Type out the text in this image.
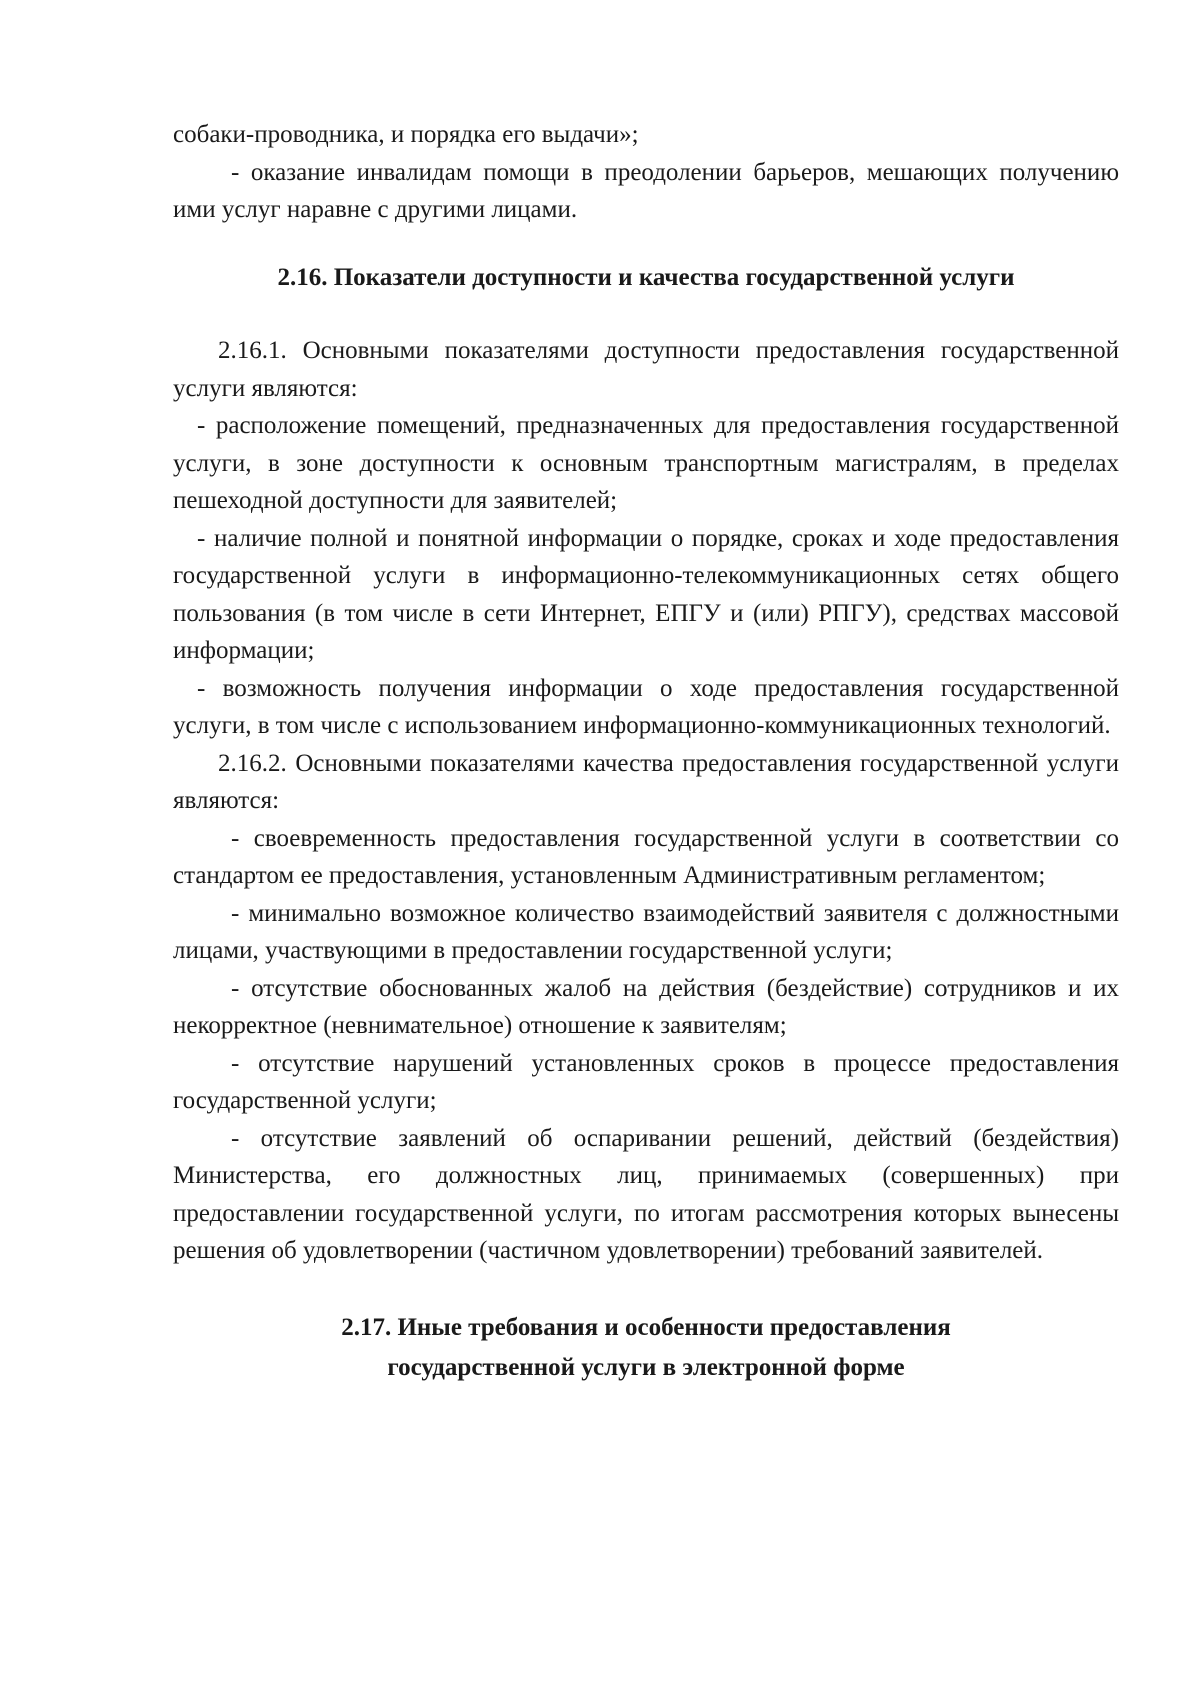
собаки-проводника, и порядка его выдачи»;

- оказание инвалидам помощи в преодолении барьеров, мешающих получению ими услуг наравне с другими лицами.

2.16. Показатели доступности и качества государственной услуги

2.16.1. Основными показателями доступности предоставления государственной услуги являются:

- расположение помещений, предназначенных для предоставления государственной услуги, в зоне доступности к основным транспортным магистралям, в пределах пешеходной доступности для заявителей;

- наличие полной и понятной информации о порядке, сроках и ходе предоставления государственной услуги в информационно-телекоммуникационных сетях общего пользования (в том числе в сети Интернет, ЕПГУ и (или) РПГУ), средствах массовой информации;

- возможность получения информации о ходе предоставления государственной услуги, в том числе с использованием информационно-коммуникационных технологий.

2.16.2. Основными показателями качества предоставления государственной услуги являются:

- своевременность предоставления государственной услуги в соответствии со стандартом ее предоставления, установленным Административным регламентом;

- минимально возможное количество взаимодействий заявителя с должностными лицами, участвующими в предоставлении государственной услуги;

- отсутствие обоснованных жалоб на действия (бездействие) сотрудников и их некорректное (невнимательное) отношение к заявителям;

- отсутствие нарушений установленных сроков в процессе предоставления государственной услуги;

- отсутствие заявлений об оспаривании решений, действий (бездействия) Министерства, его должностных лиц, принимаемых (совершенных) при предоставлении государственной услуги, по итогам рассмотрения которых вынесены решения об удовлетворении (частичном удовлетворении) требований заявителей.

2.17. Иные требования и особенности предоставления
государственной услуги в электронной форме
